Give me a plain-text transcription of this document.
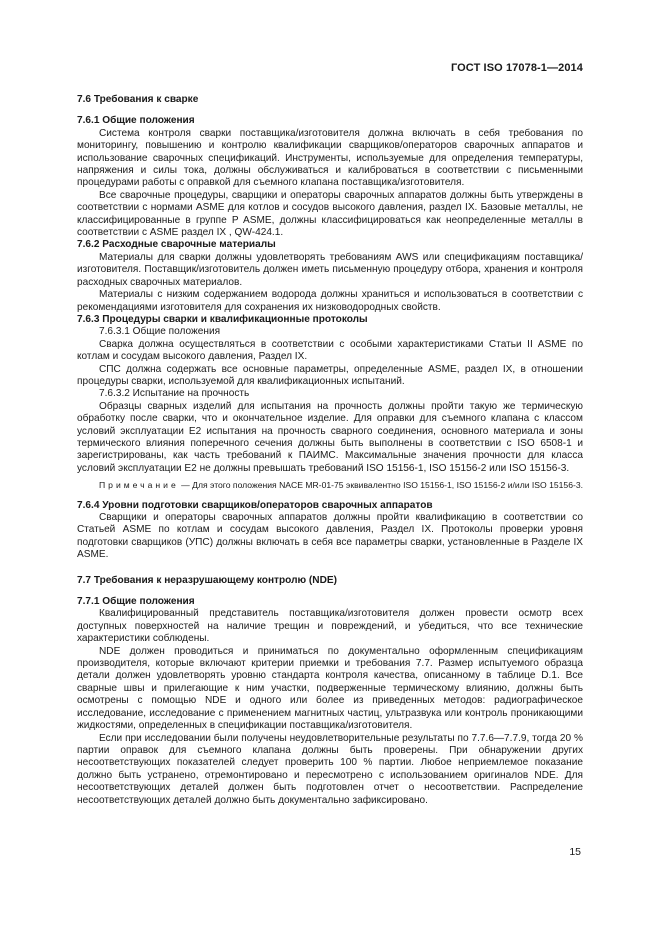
ГОСТ ISO 17078-1—2014
7.6 Требования к сварке
7.6.1 Общие положения

Система контроля сварки поставщика/изготовителя должна включать в себя требования по мониторингу, повышению и контролю квалификации сварщиков/операторов сварочных аппаратов и использование сварочных спецификаций. Инструменты, используемые для определения температуры, напряжения и силы тока, должны обслуживаться и калиброваться в соответствии с письменными процедурами работы с оправкой для съемного клапана поставщика/изготовителя.

Все сварочные процедуры, сварщики и операторы сварочных аппаратов должны быть утверждены в соответствии с нормами ASME для котлов и сосудов высокого давления, раздел IX. Базовые металлы, не классифицированные в группе P ASME, должны классифицироваться как неопределенные металлы в соответствии с ASME раздел IX , QW-424.1.

7.6.2 Расходные сварочные материалы

Материалы для сварки должны удовлетворять требованиям AWS или спецификациям поставщика/изготовителя. Поставщик/изготовитель должен иметь письменную процедуру отбора, хранения и контроля расходных сварочных материалов.

Материалы с низким содержанием водорода должны храниться и использоваться в соответствии с рекомендациями изготовителя для сохранения их низководородных свойств.

7.6.3 Процедуры сварки и квалификационные протоколы

7.6.3.1 Общие положения

Сварка должна осуществляться в соответствии с особыми характеристиками Статьи II ASME по котлам и сосудам высокого давления, Раздел IX.

СПС должна содержать все основные параметры, определенные ASME, раздел IX, в отношении процедуры сварки, используемой для квалификационных испытаний.

7.6.3.2 Испытание на прочность

Образцы сварных изделий для испытания на прочность должны пройти такую же термическую обработку после сварки, что и окончательное изделие. Для оправки для съемного клапана с классом условий эксплуатации E2 испытания на прочность сварного соединения, основного материала и зоны термического влияния поперечного сечения должны быть выполнены в соответствии с ISO 6508-1 и зарегистрированы, как часть требований к ПАИМС. Максимальные значения прочности для класса условий эксплуатации E2 не должны превышать требований ISO 15156-1, ISO 15156-2 или ISO 15156-3.

Примечание — Для этого положения NACE MR-01-75 эквивалентно ISO 15156-1, ISO 15156-2 и/или ISO 15156-3.
7.6.4 Уровни подготовки сварщиков/операторов сварочных аппаратов

Сварщики и операторы сварочных аппаратов должны пройти квалификацию в соответствии со Статьей ASME по котлам и сосудам высокого давления, Раздел IX. Протоколы проверки уровня подготовки сварщиков (УПС) должны включать в себя все параметры сварки, установленные в Разделе IX ASME.

7.7 Требования к неразрушающему контролю (NDE)
7.7.1 Общие положения

Квалифицированный представитель поставщика/изготовителя должен провести осмотр всех доступных поверхностей на наличие трещин и повреждений, и убедиться, что все технические характеристики соблюдены.

NDE должен проводиться и приниматься по документально оформленным спецификациям производителя, которые включают критерии приемки и требования 7.7. Размер испытуемого образца детали должен удовлетворять уровню стандарта контроля качества, описанному в таблице D.1. Все сварные швы и прилегающие к ним участки, подверженные термическому влиянию, должны быть осмотрены с помощью NDE и одного или более из приведенных методов: радиографическое исследование, исследование с применением магнитных частиц, ультразвука или контроль проникающими жидкостями, определенных в спецификации поставщика/изготовителя.

Если при исследовании были получены неудовлетворительные результаты по 7.7.6—7.7.9, тогда 20 % партии оправок для съемного клапана должны быть проверены. При обнаружении других несоответствующих показателей следует проверить 100 % партии. Любое неприемлемое показание должно быть устранено, отремонтировано и пересмотрено с использованием оригиналов NDE. Для несоответствующих деталей должен быть подготовлен отчет о несоответствии. Распределение несоответствующих деталей должно быть документально зафиксировано.

15
